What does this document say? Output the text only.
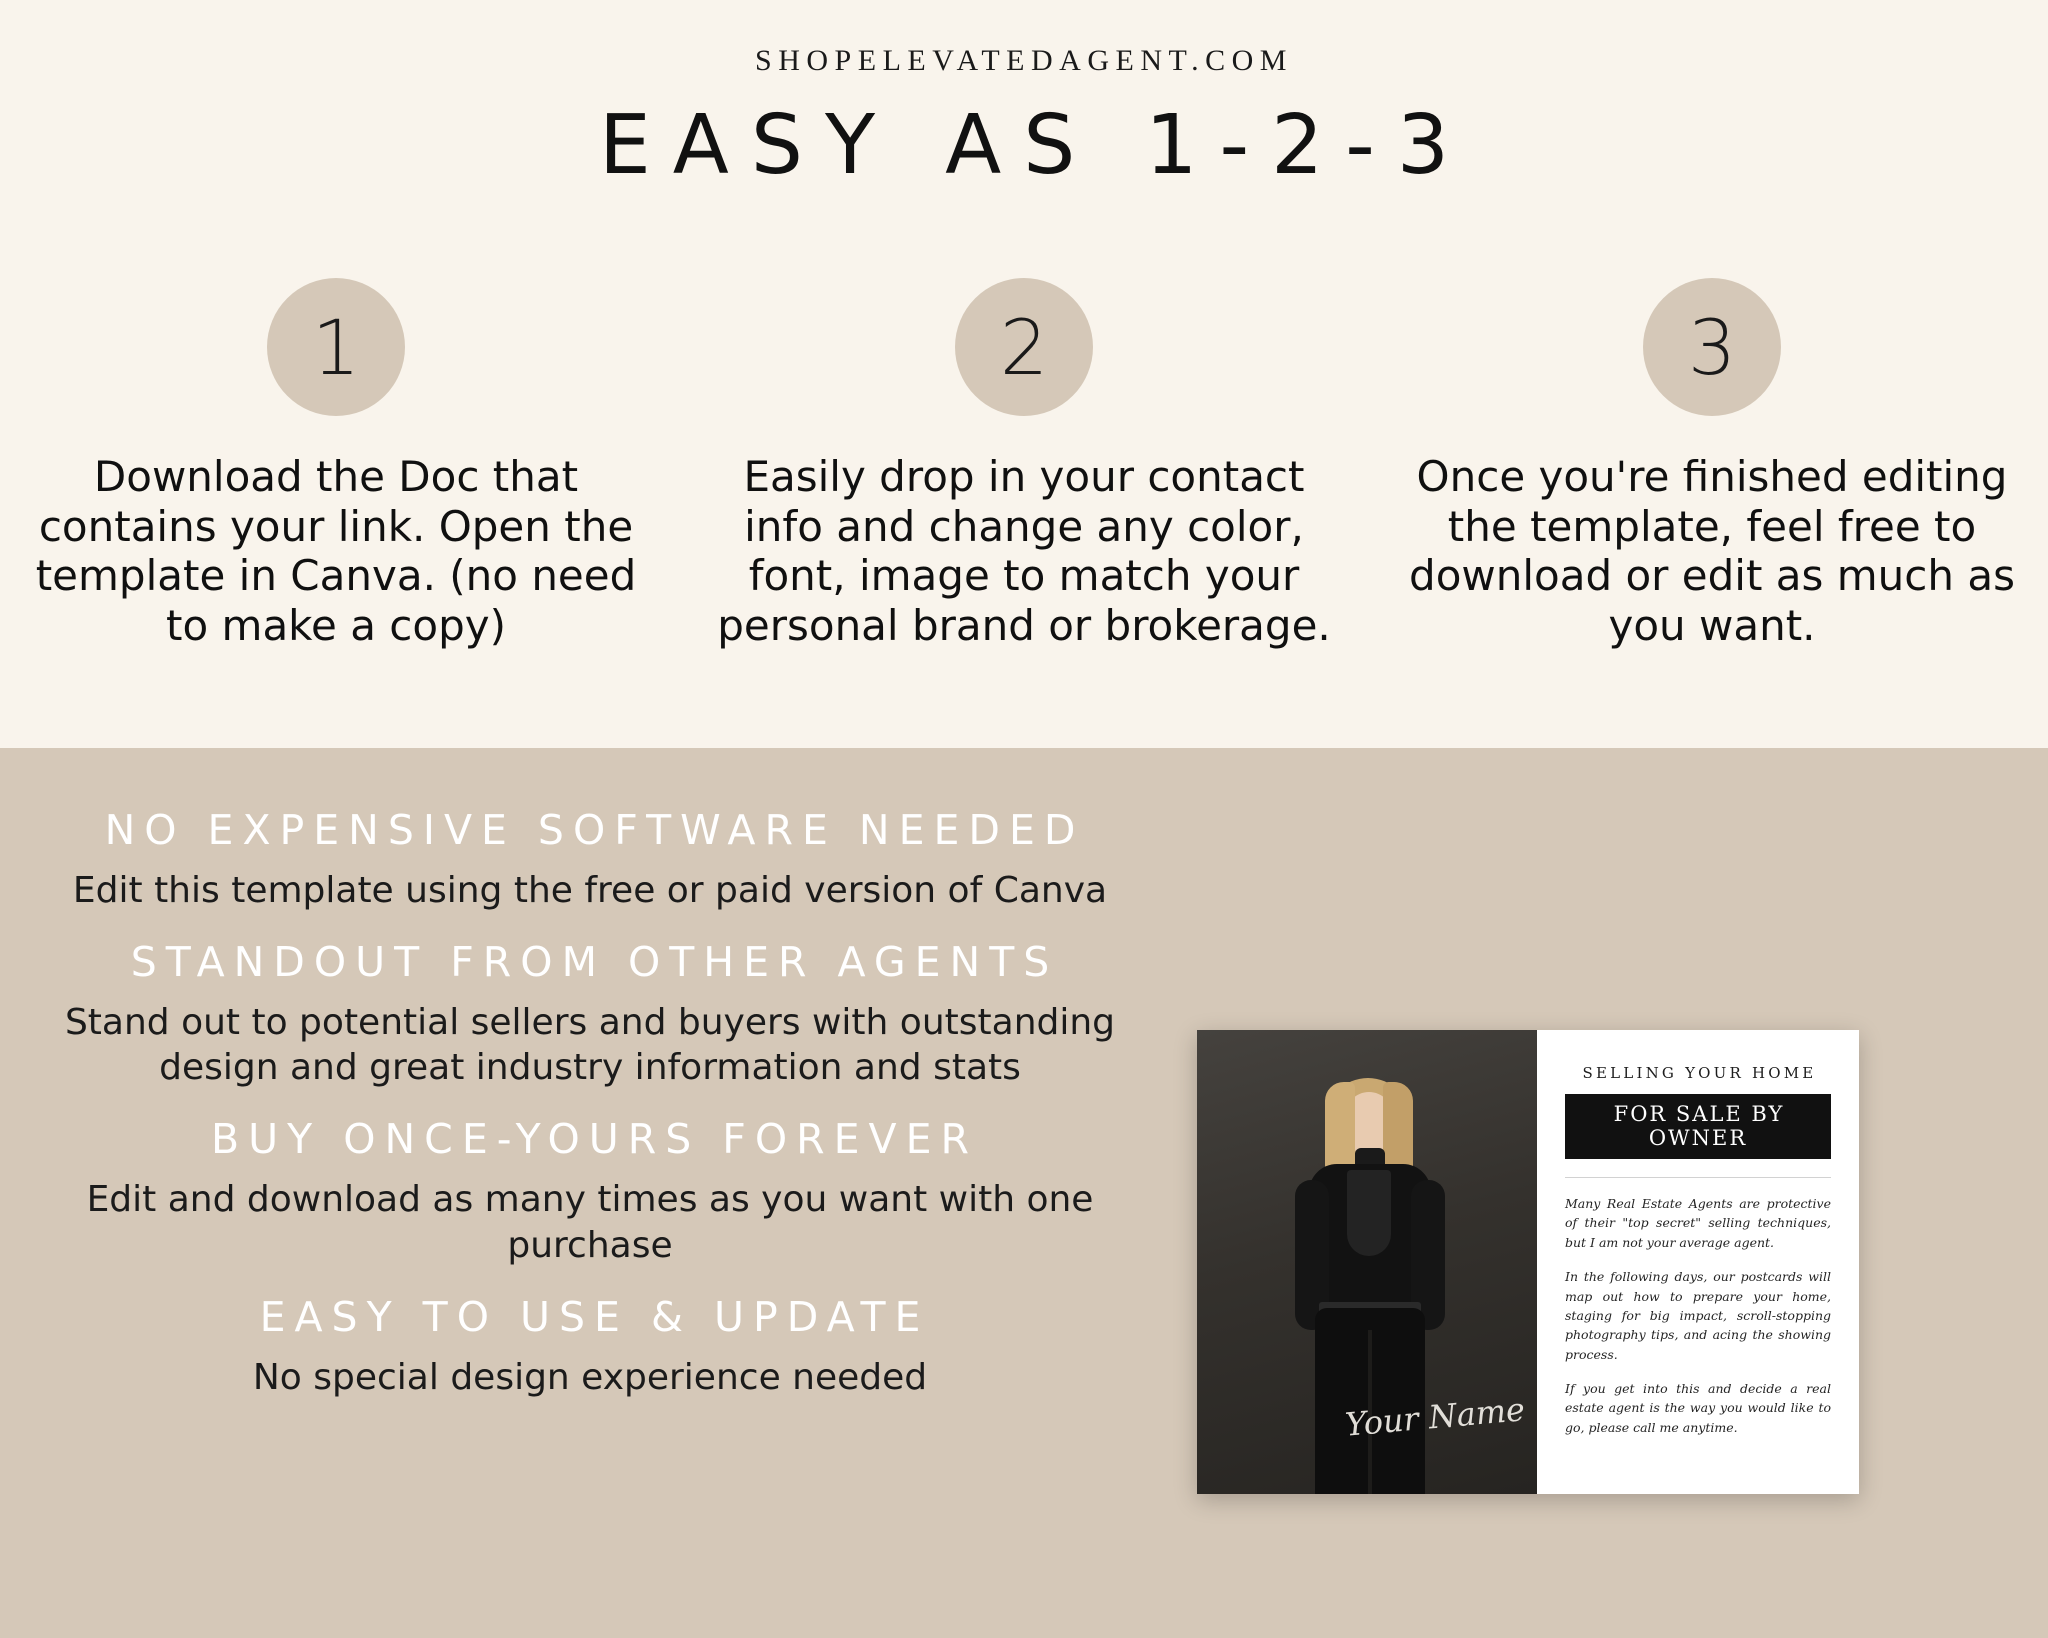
SHOPELEVATEDAGENT.COM
EASY AS 1-2-3
1
Download the Doc that contains your link. Open the template in Canva. (no need to make a copy)
2
Easily drop in your contact info and change any color, font, image to match your personal brand or brokerage.
3
Once you're finished editing the template, feel free to download or edit as much as you want.
NO EXPENSIVE SOFTWARE NEEDED
Edit this template using the free or paid version of Canva
STANDOUT FROM OTHER AGENTS
Stand out to potential sellers and buyers with outstanding design and great industry information and stats
BUY ONCE-YOURS FOREVER
Edit and download as many times as you want with one purchase
EASY TO USE & UPDATE
No special design experience needed
Your Name
SELLING YOUR HOME
FOR SALE BY OWNER
Many Real Estate Agents are protective of their "top secret" selling techniques, but I am not your average agent.
In the following days, our postcards will map out how to prepare your home, staging for big impact, scroll-stopping photography tips, and acing the showing process.
If you get into this and decide a real estate agent is the way you would like to go, please call me anytime.
